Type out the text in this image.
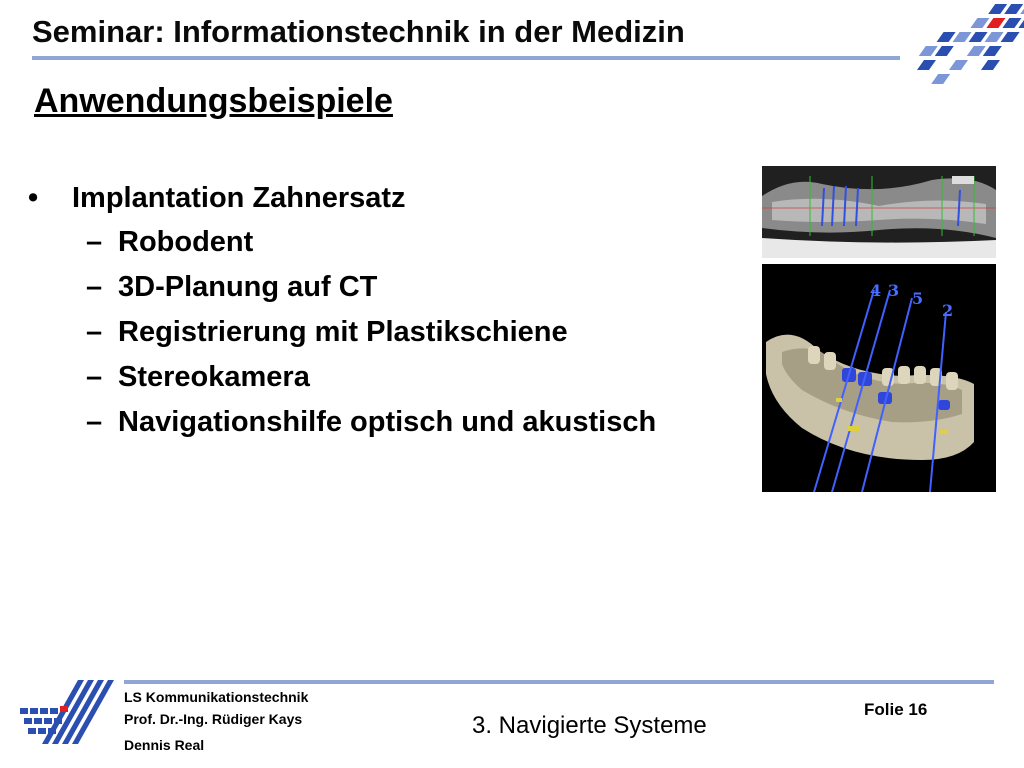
Seminar: Informationstechnik in der Medizin
Anwendungsbeispiele
• Implantation Zahnersatz
– Robodent
– 3D-Planung auf CT
– Registrierung mit Plastikschiene
– Stereokamera
– Navigationshilfe optisch und akustisch
4 3 5
2
LS Kommunikationstechnik
Prof. Dr.-Ing. Rüdiger Kays
Dennis Real
3. Navigierte Systeme
Folie 16
